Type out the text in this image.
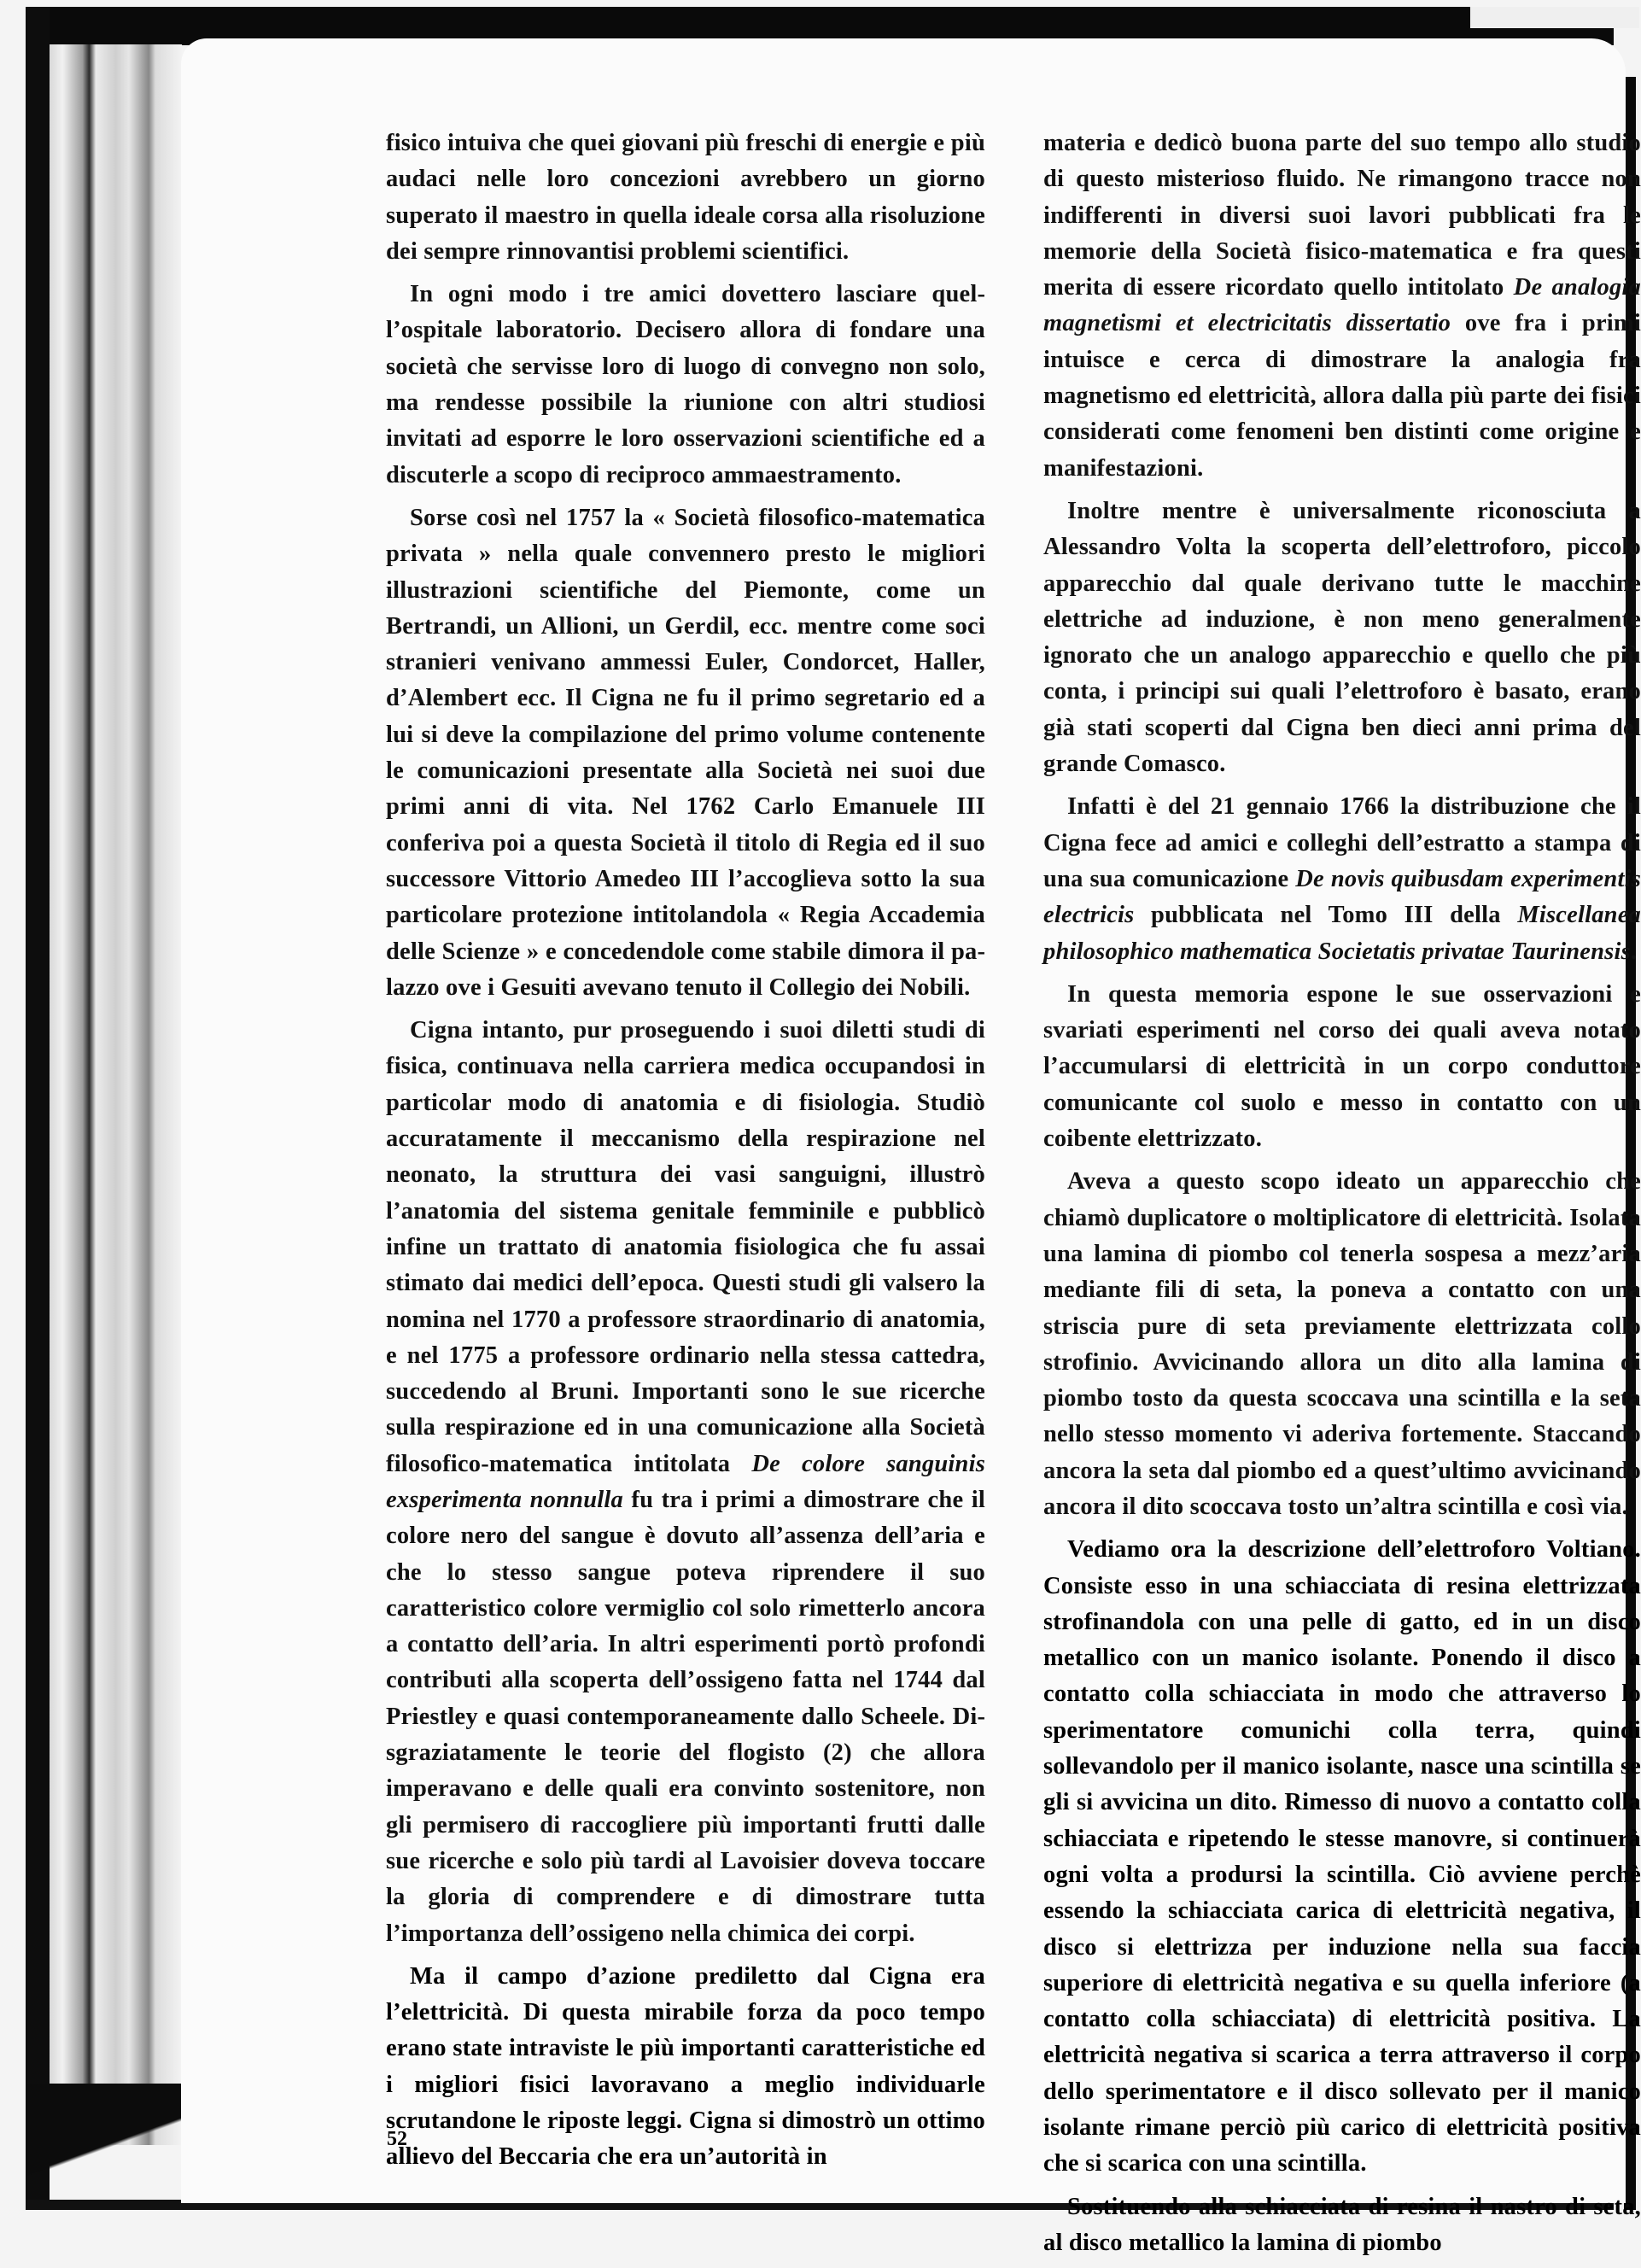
fisico intuiva che quei giovani più freschi di energie e più audaci nelle loro concezioni avrebbero un giorno superato il maestro in quella ideale corsa alla risoluzione dei sempre rinnovantisi problemi scientifici.

In ogni modo i tre amici dovettero lasciare quell’ospitale laboratorio. Decisero allora di fondare una società che servisse loro di luogo di convegno non solo, ma rendesse possibile la riunione con altri studiosi invitati ad esporre le loro osservazioni scientifiche ed a discuterle a scopo di reciproco ammaestramento.

Sorse così nel 1757 la « Società filosofico-matematica privata » nella quale convennero presto le migliori illustrazioni scientifiche del Piemonte, come un Bertrandi, un Allioni, un Gerdil, ecc. mentre come soci stranieri venivano ammessi Euler, Condorcet, Haller, d’Alembert ecc. Il Cigna ne fu il primo segretario ed a lui si deve la compilazione del primo volume contenente le comunicazioni presentate alla Società nei suoi due primi anni di vita. Nel 1762 Carlo Emanuele III conferiva poi a questa Società il titolo di Regia ed il suo successore Vittorio Amedeo III l’accoglieva sotto la sua particolare protezione intitolandola « Regia Accademia delle Scienze » e concedendole come stabile dimora il palazzo ove i Gesuiti avevano tenuto il Collegio dei Nobili.

Cigna intanto, pur proseguendo i suoi diletti studi di fisica, continuava nella carriera medica occupandosi in particolar modo di anatomia e di fisiologia. Studiò accuratamente il meccanismo della respirazione nel neonato, la struttura dei vasi sanguigni, illustrò l’anatomia del sistema genitale femminile e pubblicò infine un trattato di anatomia fisiologica che fu assai stimato dai medici dell’epoca. Questi studi gli valsero la nomina nel 1770 a professore straordinario di anatomia, e nel 1775 a professore ordinario nella stessa cattedra, succedendo al Bruni. Importanti sono le sue ricerche sulla respirazione ed in una comunicazione alla Società filosofico-matematica intitolata De colore sanguinis exsperimenta nonnulla fu tra i primi a dimostrare che il colore nero del sangue è dovuto all’assenza dell’aria e che lo stesso sangue poteva riprendere il suo caratteristico colore vermiglio col solo rimetterlo ancora a contatto dell’aria. In altri esperimenti portò profondi contributi alla scoperta dell’ossigeno fatta nel 1744 dal Priestley e quasi contemporaneamente dallo Scheele. Disgraziatamente le teorie del flogisto (2) che allora imperavano e delle quali era convinto sostenitore, non gli permisero di raccogliere più importanti frutti dalle sue ricerche e solo più tardi al Lavoisier doveva toccare la gloria di comprendere e di dimostrare tutta l’importanza dell’ossigeno nella chimica dei corpi.

Ma il campo d’azione prediletto dal Cigna era l’elettricità. Di questa mirabile forza da poco tempo erano state intraviste le più importanti caratteristiche ed i migliori fisici lavoravano a meglio individuarle scrutandone le riposte leggi. Cigna si dimostrò un ottimo allievo del Beccaria che era un’autorità in

materia e dedicò buona parte del suo tempo allo studio di questo misterioso fluido. Ne rimangono tracce non indifferenti in diversi suoi lavori pubblicati fra le memorie della Società fisico-matematica e fra questi merita di essere ricordato quello intitolato De analogia magnetismi et electricitatis dissertatio ove fra i primi intuisce e cerca di dimostrare la analogia fra magnetismo ed elettricità, allora dalla più parte dei fisici considerati come fenomeni ben distinti come origine e manifestazioni.

Inoltre mentre è universalmente riconosciuta a Alessandro Volta la scoperta dell’elettroforo, piccolo apparecchio dal quale derivano tutte le macchine elettriche ad induzione, è non meno generalmente ignorato che un analogo apparecchio e quello che più conta, i principi sui quali l’elettroforo è basato, erano già stati scoperti dal Cigna ben dieci anni prima del grande Comasco.

Infatti è del 21 gennaio 1766 la distribuzione che il Cigna fece ad amici e colleghi dell’estratto a stampa di una sua comunicazione De novis quibusdam experimentis electricis pubblicata nel Tomo III della Miscellanea philosophico mathematica Societatis privatae Taurinensis.

In questa memoria espone le sue osservazioni e svariati esperimenti nel corso dei quali aveva notato l’accumularsi di elettricità in un corpo conduttore comunicante col suolo e messo in contatto con un coibente elettrizzato.

Aveva a questo scopo ideato un apparecchio che chiamò duplicatore o moltiplicatore di elettricità. Isolata una lamina di piombo col tenerla sospesa a mezz’aria mediante fili di seta, la poneva a contatto con una striscia pure di seta previamente elettrizzata collo strofinio. Avvicinando allora un dito alla lamina di piombo tosto da questa scoccava una scintilla e la seta nello stesso momento vi aderiva fortemente. Staccando ancora la seta dal piombo ed a quest’ultimo avvicinando ancora il dito scoccava tosto un’altra scintilla e così via.

Vediamo ora la descrizione dell’elettroforo Voltiano. Consiste esso in una schiacciata di resina elettrizzata strofinandola con una pelle di gatto, ed in un disco metallico con un manico isolante. Ponendo il disco a contatto colla schiacciata in modo che attraverso lo sperimentatore comunichi colla terra, quindi sollevandolo per il manico isolante, nasce una scintilla se gli si avvicina un dito. Rimesso di nuovo a contatto colla schiacciata e ripetendo le stesse manovre, si continuerà ogni volta a prodursi la scintilla. Ciò avviene perchè essendo la schiacciata carica di elettricità negativa, il disco si elettrizza per induzione nella sua faccia superiore di elettricità negativa e su quella inferiore (a contatto colla schiacciata) di elettricità positiva. La elettricità negativa si scarica a terra attraverso il corpo dello sperimentatore e il disco sollevato per il manico isolante rimane perciò più carico di elettricità positiva che si scarica con una scintilla.

Sostituendo alla schiacciata di resina il nastro di seta, al disco metallico la lamina di piombo

52
